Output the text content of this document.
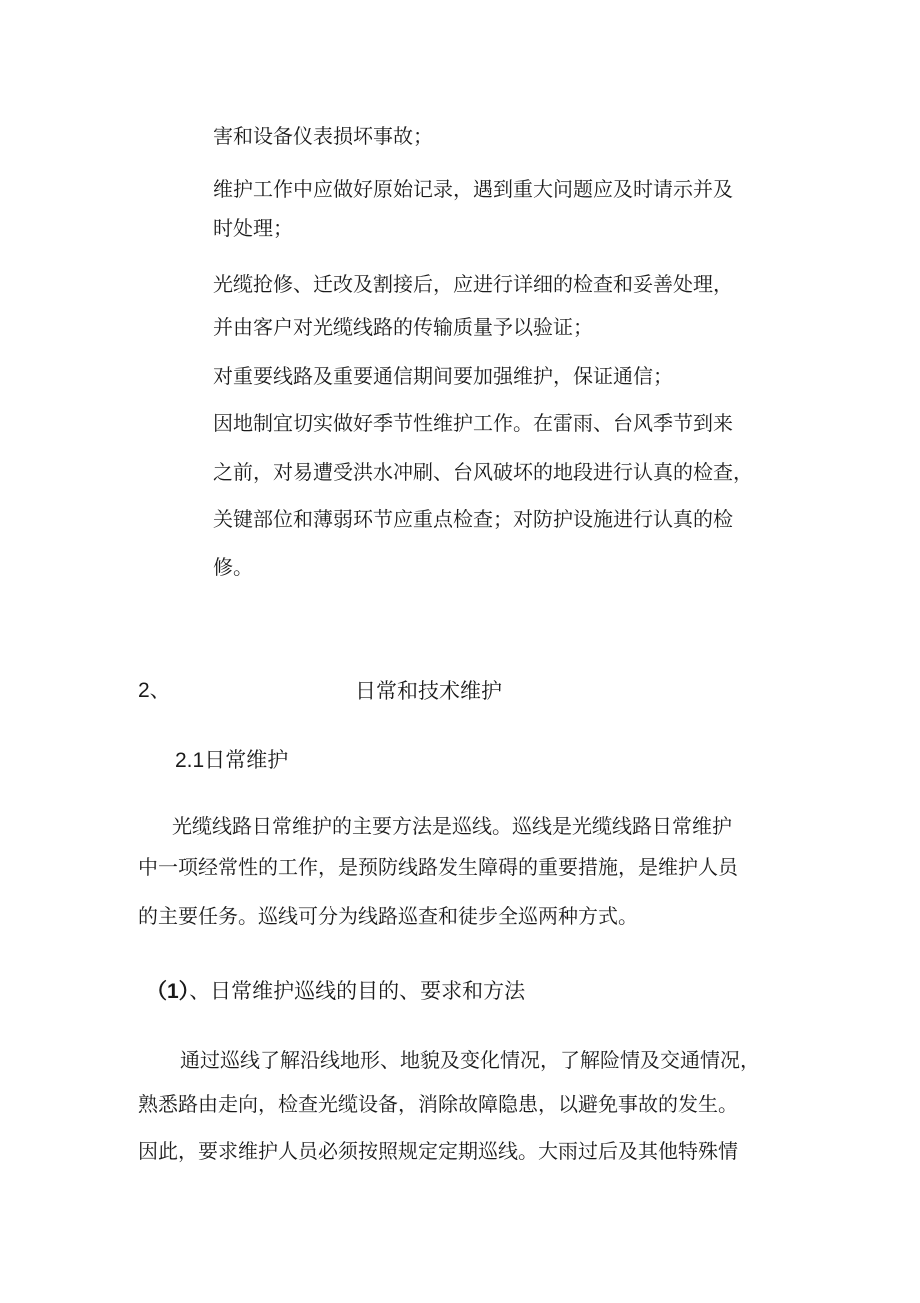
害和设备仪表损坏事故；
维护工作中应做好原始记录，遇到重大问题应及时请示并及
时处理；
光缆抢修、迁改及割接后，应进行详细的检查和妥善处理，
并由客户对光缆线路的传输质量予以验证；
对重要线路及重要通信期间要加强维护，保证通信；
因地制宜切实做好季节性维护工作。在雷雨、台风季节到来
之前，对易遭受洪水冲刷、台风破坏的地段进行认真的检查，
关键部位和薄弱环节应重点检查；对防护设施进行认真的检
修。
2、	日常和技术维护
2.1日常维护
光缆线路日常维护的主要方法是巡线。巡线是光缆线路日常维护
中一项经常性的工作，是预防线路发生障碍的重要措施，是维护人员
的主要任务。巡线可分为线路巡查和徒步全巡两种方式。
（1）、日常维护巡线的目的、要求和方法
通过巡线了解沿线地形、地貌及变化情况，了解险情及交通情况，
熟悉路由走向，检查光缆设备，消除故障隐患，以避免事故的发生。
因此，要求维护人员必须按照规定定期巡线。大雨过后及其他特殊情
